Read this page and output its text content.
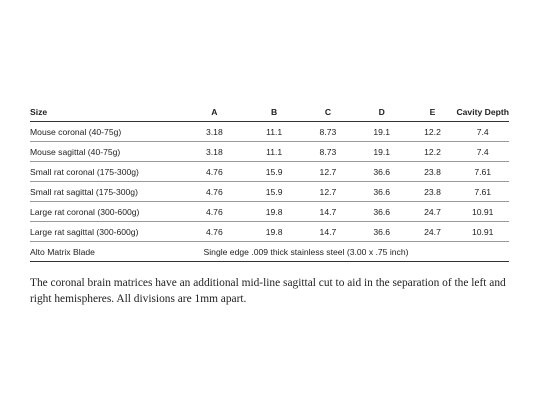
Size	A	B	C	D	E	Cavity Depth
Mouse coronal (40-75g)	3.18	11.1	8.73	19.1	12.2	7.4
Mouse sagittal (40-75g)	3.18	11.1	8.73	19.1	12.2	7.4
Small rat coronal (175-300g)	4.76	15.9	12.7	36.6	23.8	7.61
Small rat sagittal (175-300g)	4.76	15.9	12.7	36.6	23.8	7.61
Large rat coronal (300-600g)	4.76	19.8	14.7	36.6	24.7	10.91
Large rat sagittal (300-600g)	4.76	19.8	14.7	36.6	24.7	10.91
Alto Matrix Blade	Single edge .009 thick stainless steel (3.00 x .75 inch)					

The coronal brain matrices have an additional mid-line sagittal cut to aid in the separation of the left and right hemispheres. All divisions are 1mm apart.
